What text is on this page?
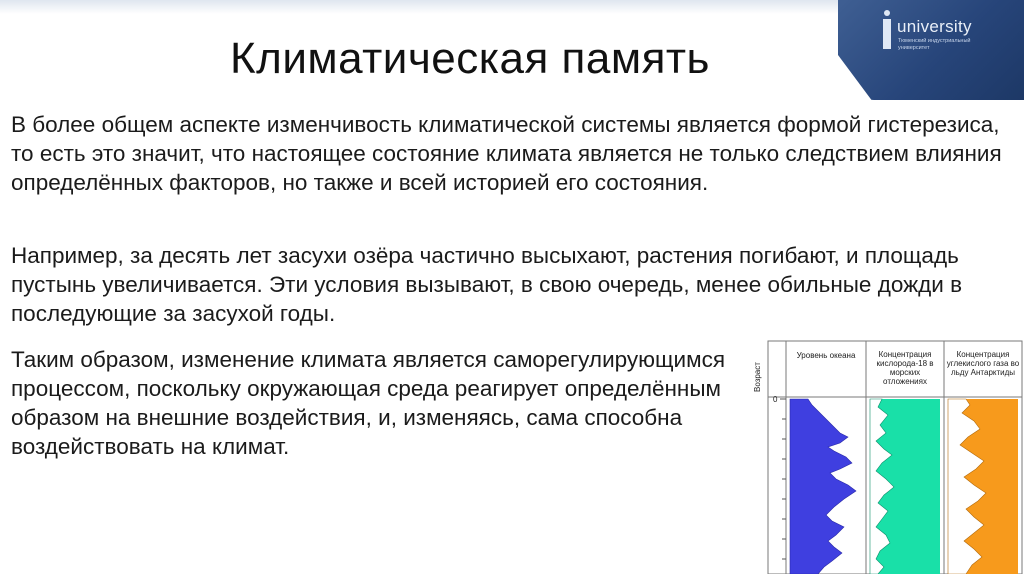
university
Тюменский индустриальный университет
Климатическая память

В более общем аспекте изменчивость климатической системы является формой гистерезиса, то есть это значит, что настоящее состояние климата является не только следствием влияния определённых факторов, но также и всей историей его состояния.

Например, за десять лет засухи озёра частично высыхают, растения погибают, и площадь пустынь увеличивается. Эти условия вызывают, в свою очередь, менее обильные дожди в последующие за засухой годы.

Таким образом, изменение климата является саморегулирующимся процессом, поскольку окружающая среда реагирует определённым образом на внешние воздействия, и, изменяясь, сама способна воздействовать на климат.

0
Уровень океана	Концентрация кислорода-18 в морских отложениях
Концентрация углекислого газа во льду Антарктиды
Возраст
